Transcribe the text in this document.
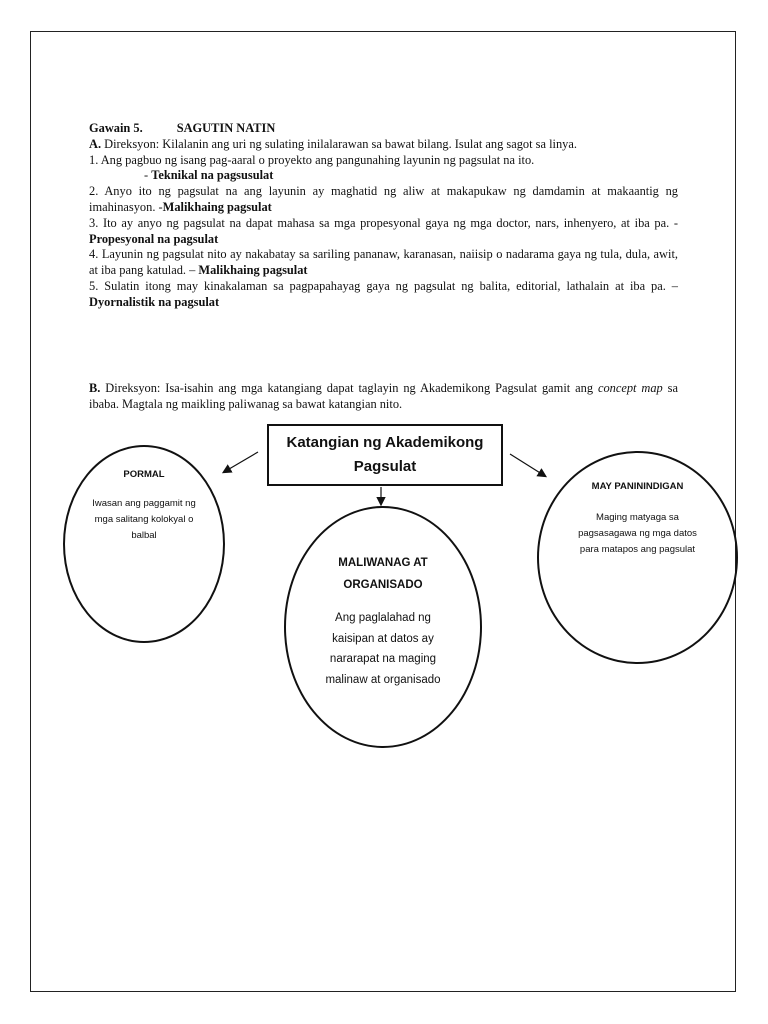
Gawain 5.	SAGUTIN NATIN

A. Direksyon: Kilalanin ang uri ng sulating inilalarawan sa bawat bilang. Isulat ang sagot sa linya.

1. Ang pagbuo ng isang pag-aaral o proyekto ang pangunahing layunin ng pagsulat na ito.

- Teknikal na pagsusulat

2. Anyo ito ng pagsulat na ang layunin ay maghatid ng aliw at makapukaw ng damdamin at makaantig ng imahinasyon. -Malikhaing pagsulat

3. Ito ay anyo ng pagsulat na dapat mahasa sa mga propesyonal gaya ng mga doctor, nars, inhenyero, at iba pa. - Propesyonal na pagsulat

4. Layunin ng pagsulat nito ay nakabatay sa sariling pananaw, karanasan, naiisip o nadarama gaya ng tula, dula, awit, at iba pang katulad. – Malikhaing pagsulat

5. Sulatin itong may kinakalaman sa pagpapahayag gaya ng pagsulat ng balita, editorial, lathalain at iba pa. – Dyornalistik na pagsulat

B. Direksyon: Isa-isahin ang mga katangiang dapat taglayin ng Akademikong Pagsulat gamit ang concept map sa ibaba. Magtala ng maikling paliwanag sa bawat katangian nito.
Katangian ng Akademikong Pagsulat
PORMAL
Iwasan ang paggamit ng mga salitang kolokyal o balbal
MALIWANAG AT ORGANISADO
Ang paglalahad ng kaisipan at datos ay nararapat na maging malinaw at organisado
MAY PANININDIGAN
Maging matyaga sa pagsasagawa ng mga datos para matapos ang pagsulat
